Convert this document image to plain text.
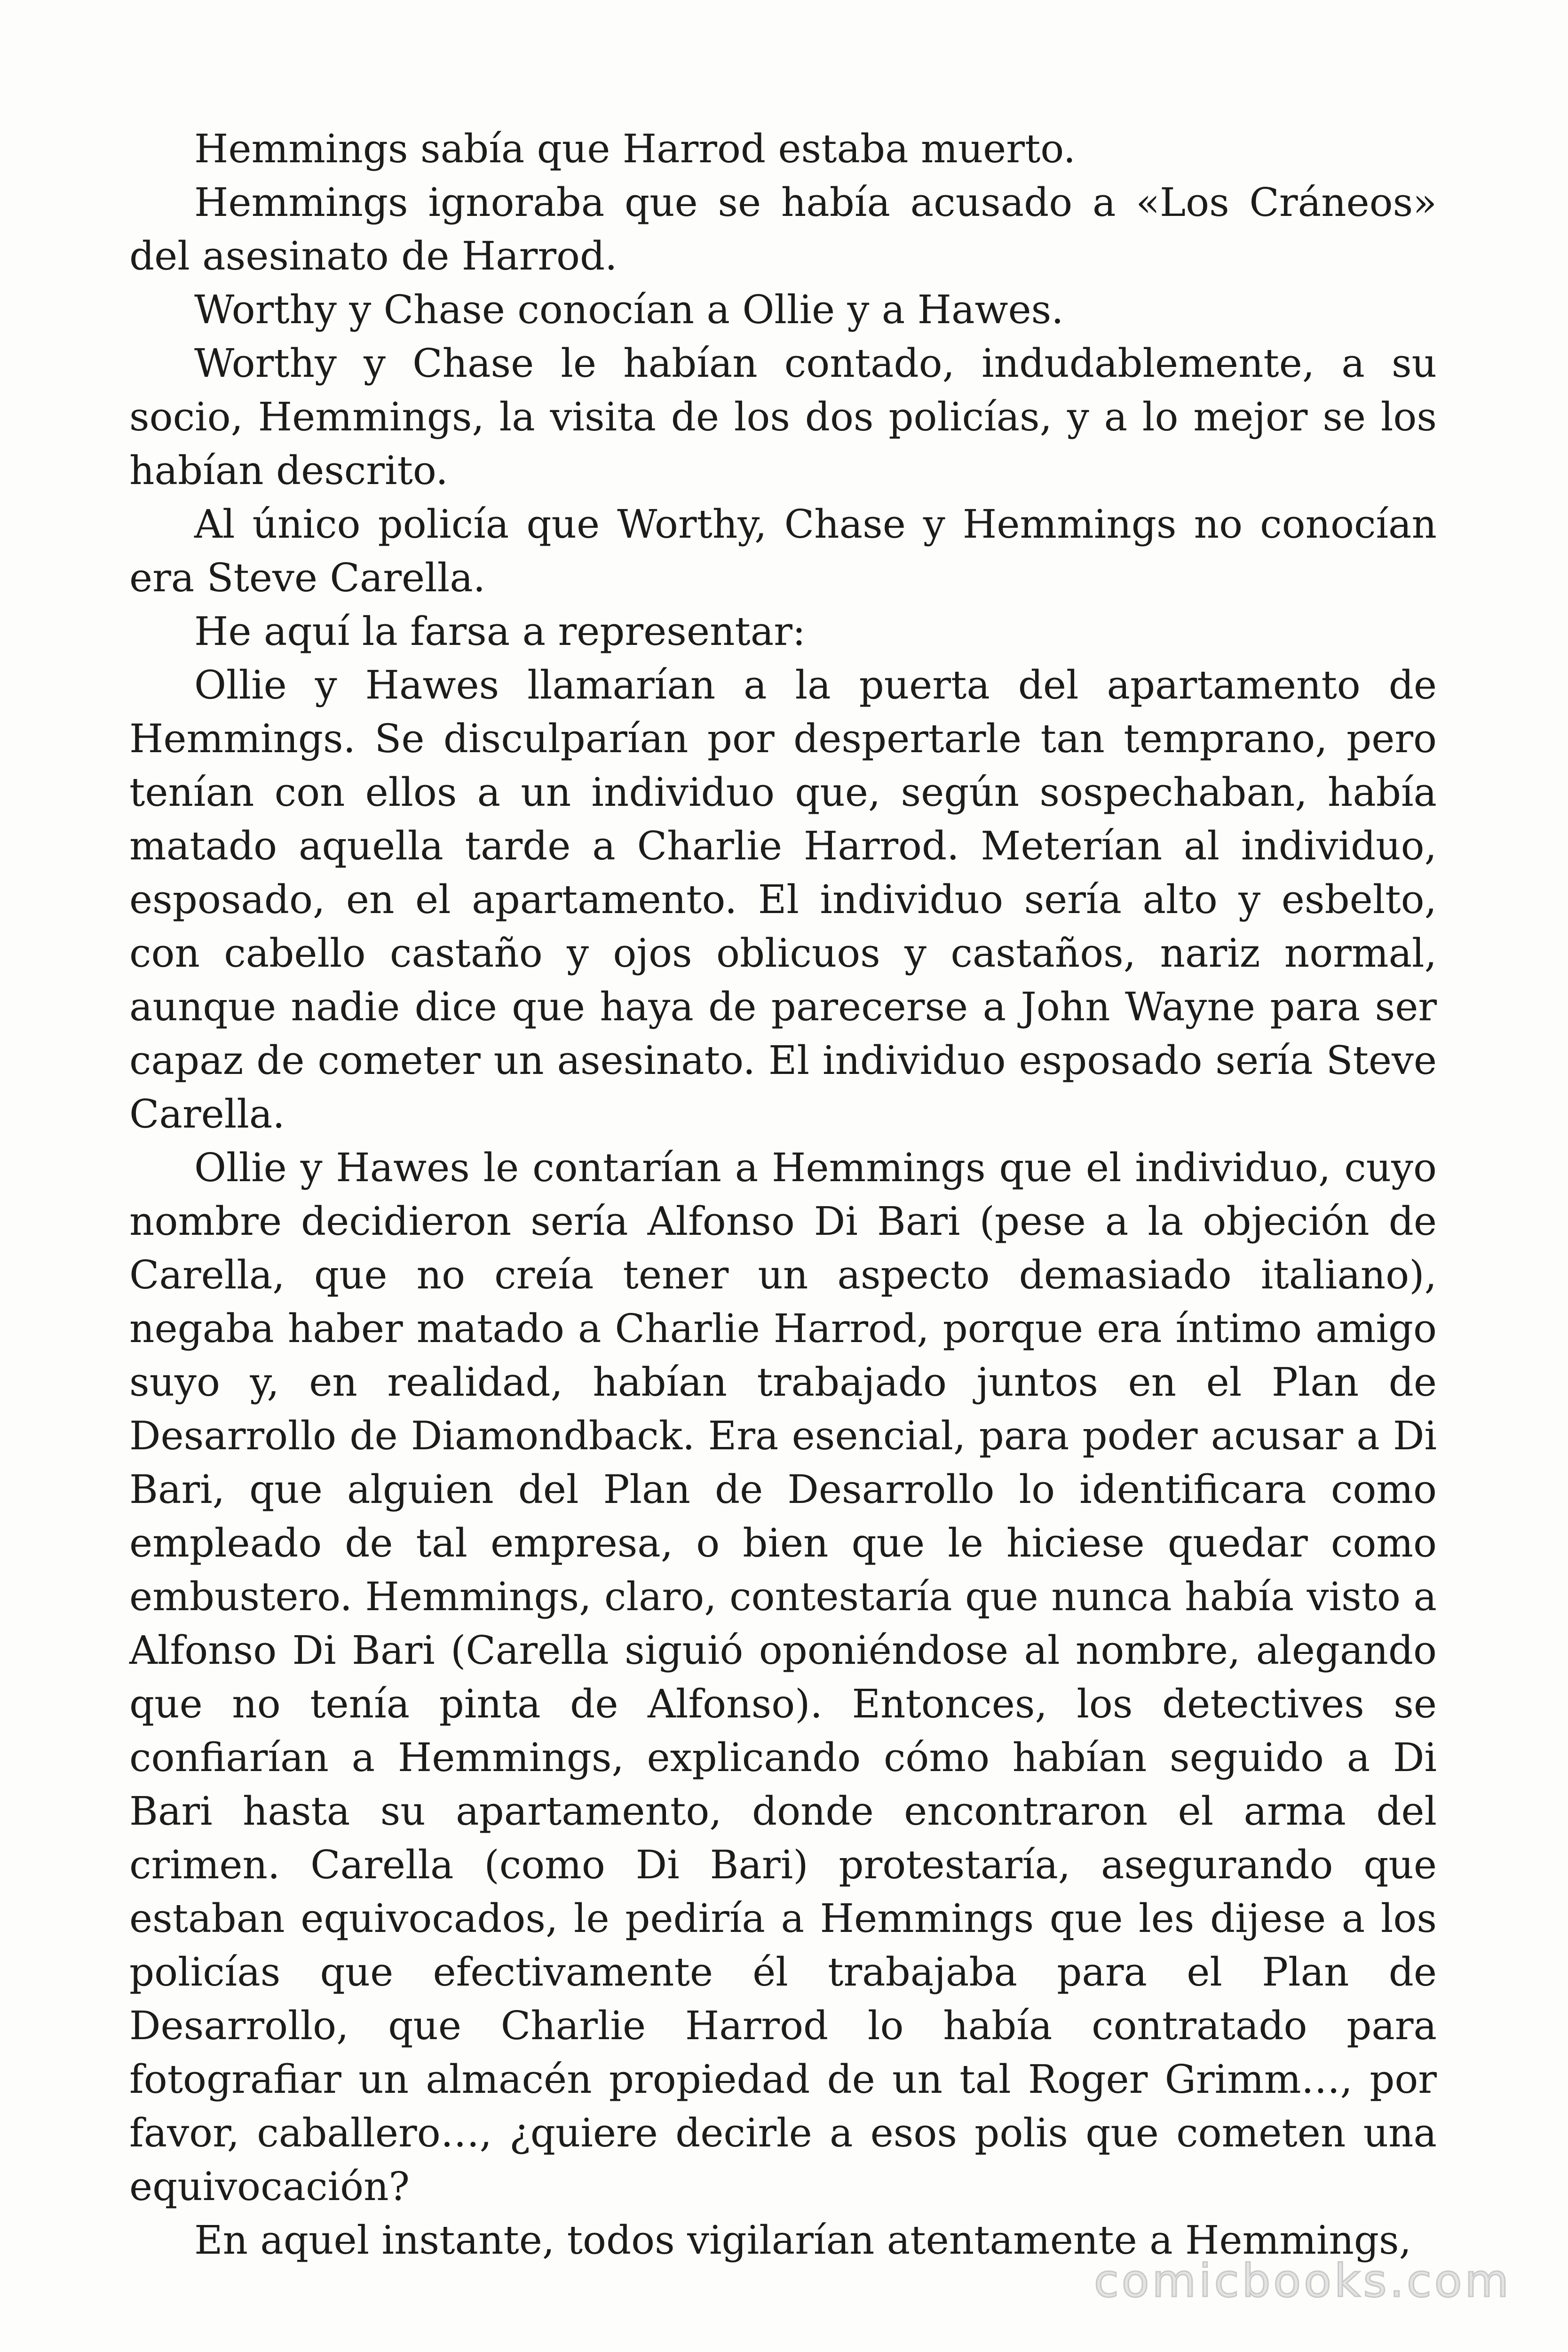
Hemmings sabía que Harrod estaba muerto.

Hemmings ignoraba que se había acusado a «Los Cráneos» del asesinato de Harrod.

Worthy y Chase conocían a Ollie y a Hawes.

Worthy y Chase le habían contado, indudablemente, a su socio, Hemmings, la visita de los dos policías, y a lo mejor se los habían descrito.

Al único policía que Worthy, Chase y Hemmings no conocían era Steve Carella.

He aquí la farsa a representar:

Ollie y Hawes llamarían a la puerta del apartamento de Hemmings. Se disculparían por despertarle tan temprano, pero tenían con ellos a un individuo que, según sospechaban, había matado aquella tarde a Charlie Harrod. Meterían al individuo, esposado, en el apartamento. El individuo sería alto y esbelto, con cabello castaño y ojos oblicuos y castaños, nariz normal, aunque nadie dice que haya de parecerse a John Wayne para ser capaz de cometer un asesinato. El individuo esposado sería Steve Carella.

Ollie y Hawes le contarían a Hemmings que el individuo, cuyo nombre decidieron sería Alfonso Di Bari (pese a la objeción de Carella, que no creía tener un aspecto demasiado italiano), negaba haber matado a Charlie Harrod, porque era íntimo amigo suyo y, en realidad, habían trabajado juntos en el Plan de Desarrollo de Diamondback. Era esencial, para poder acusar a Di Bari, que alguien del Plan de Desarrollo lo identificara como empleado de tal empresa, o bien que le hiciese quedar como embustero. Hemmings, claro, contestaría que nunca había visto a Alfonso Di Bari (Carella siguió oponiéndose al nombre, alegando que no tenía pinta de Alfonso). Entonces, los detectives se confiarían a Hemmings, explicando cómo habían seguido a Di Bari hasta su apartamento, donde encontraron el arma del crimen. Carella (como Di Bari) protestaría, asegurando que estaban equivocados, le pediría a Hemmings que les dijese a los policías que efectivamente él trabajaba para el Plan de Desarrollo, que Charlie Harrod lo había contratado para fotografiar un almacén propiedad de un tal Roger Grimm…, por favor, caballero…, ¿quiere decirle a esos polis que cometen una equivocación?

En aquel instante, todos vigilarían atentamente a Hemmings,

comicbooks.com
